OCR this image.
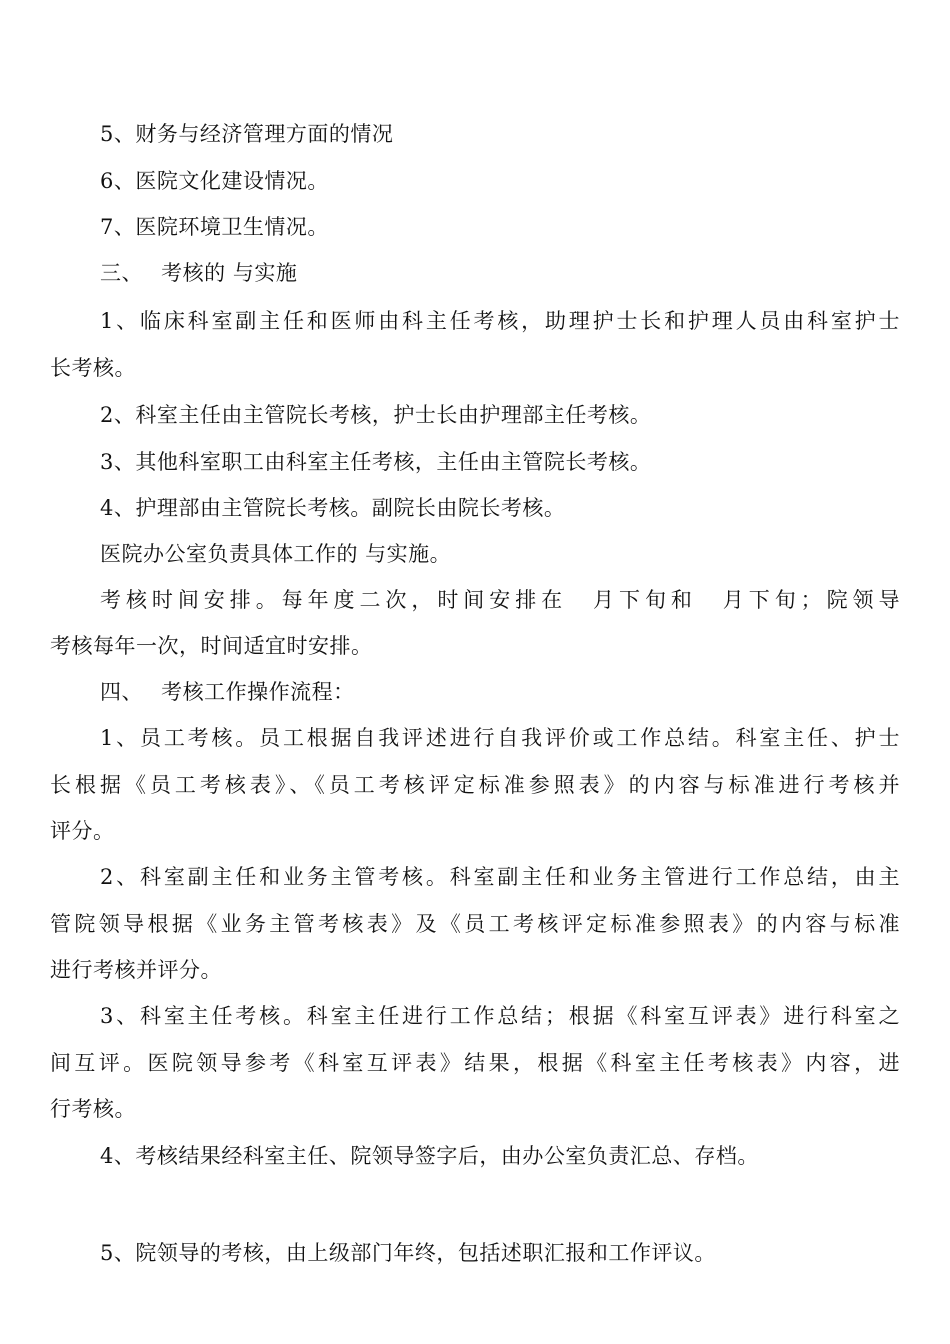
5、财务与经济管理方面的情况
6、医院文化建设情况。
7、医院环境卫生情况。
三、　 考核的 与实施
1、临床科室副主任和医师由科主任考核，助理护士长和护理人员由科室护士
长考核。
2、科室主任由主管院长考核，护士长由护理部主任考核。
3、其他科室职工由科室主任考核，主任由主管院长考核。
4、护理部由主管院长考核。副院长由院长考核。
医院办公室负责具体工作的 与实施。
考核时间安排。每年度二次，时间安排在　月下旬和　月下旬；院领导
考核每年一次，时间适宜时安排。
四、　 考核工作操作流程：
1、员工考核。员工根据自我评述进行自我评价或工作总结。科室主任、护士
长根据《员工考核表》、《员工考核评定标准参照表》的内容与标准进行考核并
评分。
2、科室副主任和业务主管考核。科室副主任和业务主管进行工作总结，由主
管院领导根据《业务主管考核表》及《员工考核评定标准参照表》的内容与标准
进行考核并评分。
3、科室主任考核。科室主任进行工作总结；根据《科室互评表》进行科室之
间互评。医院领导参考《科室互评表》结果，根据《科室主任考核表》内容，进
行考核。
4、考核结果经科室主任、院领导签字后，由办公室负责汇总、存档。
5、院领导的考核，由上级部门年终，包括述职汇报和工作评议。
